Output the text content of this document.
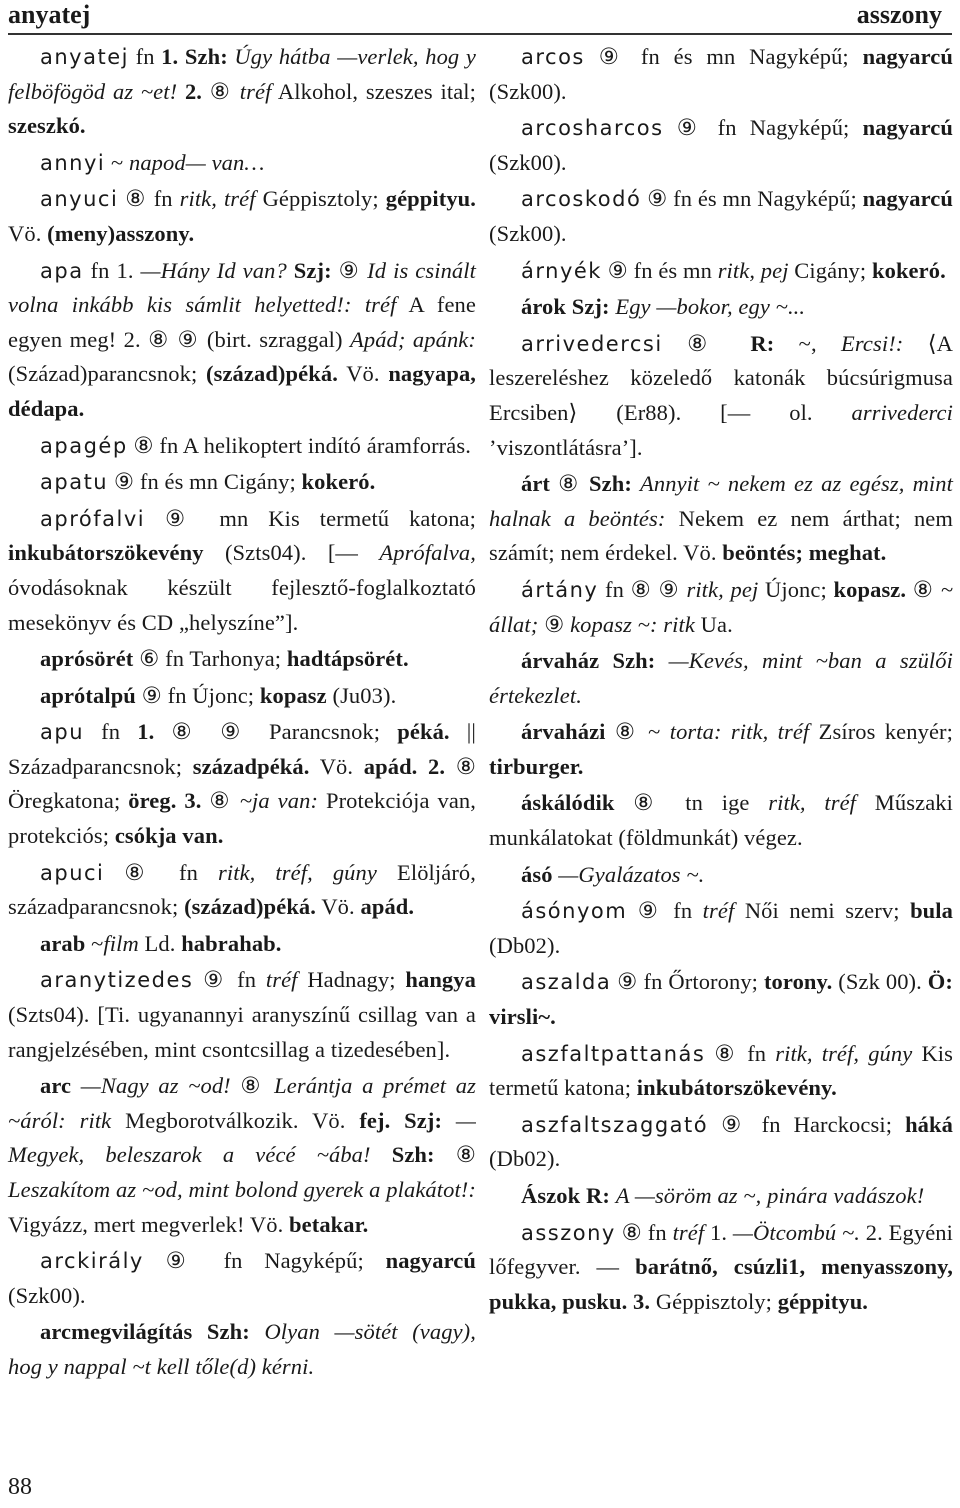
anyatej	asszony

anyatej fn 1. Szh: Úgy hátba —verlek, hog y felböfögöd az ~et! 2. ⑧ tréf Alkohol, szeszes ital; szeszkó.

annyi ~ napod— van…

anyuci ⑧ fn ritk, tréf Géppisztoly; géppityu. Vö. (meny)asszony.

apa fn 1. —Hány Id van? Szj: ⑨ Id is csinált volna inkább kis sámlit helyetted!: tréf A fene egyen meg! 2. ⑧ ⑨ (birt. szraggal) Apád; apánk: (Század)parancsnok; (század)péká. Vö. nagyapa, dédapa.

apagép ⑧ fn A helikoptert indító áramforrás.

apatu ⑨ fn és mn Cigány; kokeró.

aprófalvi ⑨ mn Kis termetű katona; inkubátorszökevény (Szts04). [— Aprófalva, óvodásoknak készült fejlesztő-foglalkoztató mesekönyv és CD „helyszíne”].

aprósörét ⑥ fn Tarhonya; hadtápsörét.

aprótalpú ⑨ fn Újonc; kopasz (Ju03).

apu fn 1. ⑧ ⑨ Parancsnok; péká. || Századparancsnok; századpéká. Vö. apád. 2. ⑧ Öregkatona; öreg. 3. ⑧ ~ja van: Protekciója van, protekciós; csókja van.

apuci ⑧ fn ritk, tréf, gúny Elöljáró, századparancsnok; (század)péká. Vö. apád.

arab ~film Ld. habrahab.

aranytizedes ⑨ fn tréf Hadnagy; hangya (Szts04). [Ti. ugyanannyi aranyszínű csillag van a rangjelzésében, mint csontcsillag a tizedesében].

arc —Nagy az ~od! ⑧ Lerántja a prémet az ~áról: ritk Megborotválkozik. Vö. fej. Szj: —Megyek, beleszarok a vécé ~ába! Szh: ⑧ Leszakítom az ~od, mint bolond gyerek a plakátot!: Vigyázz, mert megverlek! Vö. betakar.

arckirály ⑨ fn Nagyképű; nagyarcú (Szk00).

arcmegvilágítás Szh: Olyan —sötét (vagy), hog y nappal ~t kell tőle(d) kérni.

arcos ⑨ fn és mn Nagyképű; nagyarcú (Szk00).

arcosharcos ⑨ fn Nagyképű; nagyarcú (Szk00).

arcoskodó ⑨ fn és mn Nagyképű; nagyarcú (Szk00).

árnyék ⑨ fn és mn ritk, pej Cigány; kokeró.

árok Szj: Egy —bokor, egy ~...

arrivedercsi ⑧ R: ~, Ercsi!: ⟨A leszereléshez közeledő katonák búcsúrigmusa Ercsiben⟩ (Er88). [— ol. arrivederci ’viszontlátásra’].

árt ⑧ Szh: Annyit ~ nekem ez az egész, mint halnak a beöntés: Nekem ez nem árthat; nem számít; nem érdekel. Vö. beöntés; meghat.

ártány fn ⑧ ⑨ ritk, pej Újonc; kopasz. ⑧ ~ állat; ⑨ kopasz ~: ritk Ua.

árvaház Szh: —Kevés, mint ~ban a szülői értekezlet.

árvaházi ⑧ ~ torta: ritk, tréf Zsíros kenyér; tirburger.

áskálódik ⑧ tn ige ritk, tréf Műszaki munkálatokat (földmunkát) végez.

ásó —Gyalázatos ~.

ásónyom ⑨ fn tréf Női nemi szerv; bula (Db02).

aszalda ⑨ fn Őrtorony; torony. (Szk 00). Ö: virsli~.

aszfaltpattanás ⑧ fn ritk, tréf, gúny Kis termetű katona; inkubátorszökevény.

aszfaltszaggató ⑨ fn Harckocsi; háká (Db02).

Ászok R: A —söröm az ~, pinára vadászok!

asszony ⑧ fn tréf 1. —Ötcombú ~. 2. Egyéni lőfegyver. — barátnő, csúzli1, menyasszony, pukka, pusku. 3. Géppisztoly; géppityu.

88
